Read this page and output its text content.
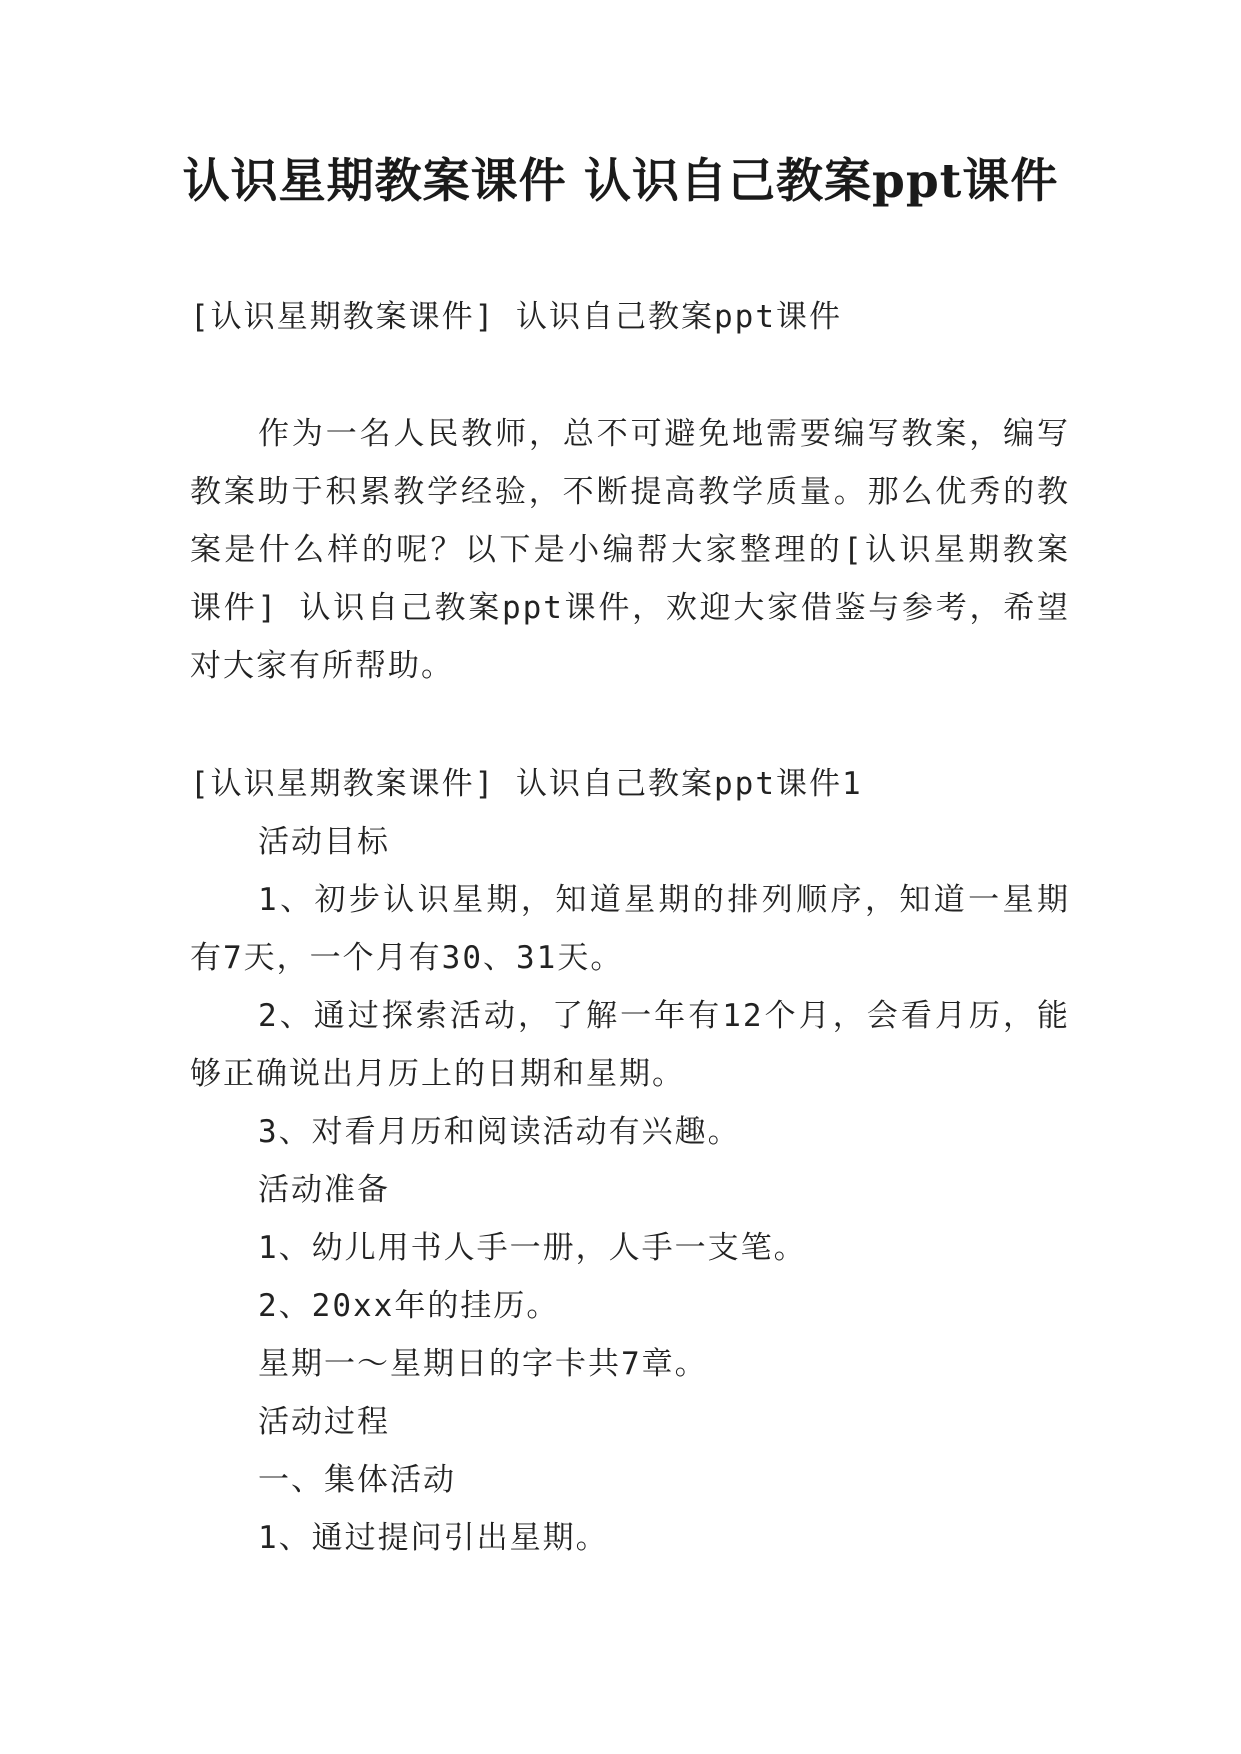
认识星期教案课件 认识自己教案ppt课件
[认识星期教案课件] 认识自己教案ppt课件
作为一名人民教师，总不可避免地需要编写教案，编写
教案助于积累教学经验，不断提高教学质量。那么优秀的教
案是什么样的呢？以下是小编帮大家整理的[认识星期教案
课件] 认识自己教案ppt课件，欢迎大家借鉴与参考，希望
对大家有所帮助。
[认识星期教案课件] 认识自己教案ppt课件1
活动目标
1、初步认识星期，知道星期的排列顺序，知道一星期
有7天，一个月有30、31天。
2、通过探索活动，了解一年有12个月，会看月历，能
够正确说出月历上的日期和星期。
3、对看月历和阅读活动有兴趣。
活动准备
1、幼儿用书人手一册，人手一支笔。
2、20xx年的挂历。
星期一～星期日的字卡共7章。
活动过程
一、集体活动
1、通过提问引出星期。
